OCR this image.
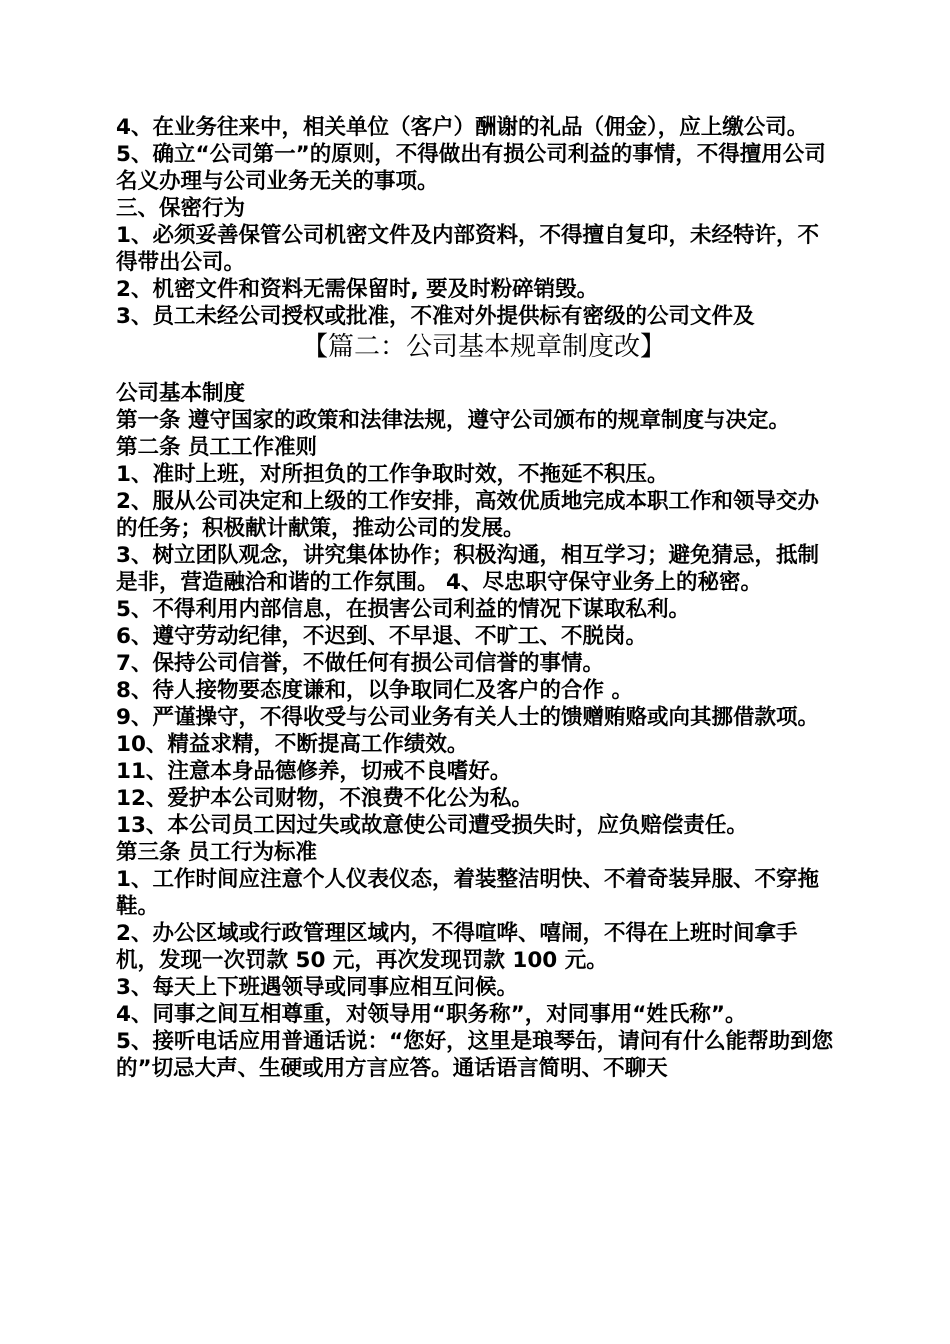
4、在业务往来中，相关单位（客户）酬谢的礼品（佣金），应上缴公司。

5、确立“公司第一”的原则，不得做出有损公司利益的事情，不得擅用公司名义办理与公司业务无关的事项。

三、保密行为

1、必须妥善保管公司机密文件及内部资料，不得擅自复印，未经特许，不得带出公司。

2、机密文件和资料无需保留时, 要及时粉碎销毁。

3、员工未经公司授权或批准，不准对外提供标有密级的公司文件及

【篇二：公司基本规章制度改】

公司基本制度

第一条 遵守国家的政策和法律法规，遵守公司颁布的规章制度与决定。

第二条 员工工作准则

1、准时上班，对所担负的工作争取时效，不拖延不积压。

2、服从公司决定和上级的工作安排，高效优质地完成本职工作和领导交办的任务；积极献计献策，推动公司的发展。

3、树立团队观念，讲究集体协作；积极沟通，相互学习；避免猜忌，抵制是非，营造融洽和谐的工作氛围。 4、尽忠职守保守业务上的秘密。

5、不得利用内部信息，在损害公司利益的情况下谋取私利。

6、遵守劳动纪律，不迟到、不早退、不旷工、不脱岗。

7、保持公司信誉，不做任何有损公司信誉的事情。

8、待人接物要态度谦和，以争取同仁及客户的合作 。

9、严谨操守，不得收受与公司业务有关人士的馈赠贿赂或向其挪借款项。

10、精益求精，不断提高工作绩效。

11、注意本身品德修养，切戒不良嗜好。

12、爱护本公司财物，不浪费不化公为私。

13、本公司员工因过失或故意使公司遭受损失时，应负赔偿责任。

第三条 员工行为标准

1、工作时间应注意个人仪表仪态，着装整洁明快、不着奇装异服、不穿拖鞋。

2、办公区域或行政管理区域内，不得喧哗、嘻闹，不得在上班时间拿手机，发现一次罚款 50 元，再次发现罚款 100 元。

3、每天上下班遇领导或同事应相互问候。

4、同事之间互相尊重，对领导用“职务称”，对同事用“姓氏称”。

5、接听电话应用普通话说：“您好，这里是琅琴缶，请问有什么能帮助到您的”切忌大声、生硬或用方言应答。通话语言简明、不聊天
